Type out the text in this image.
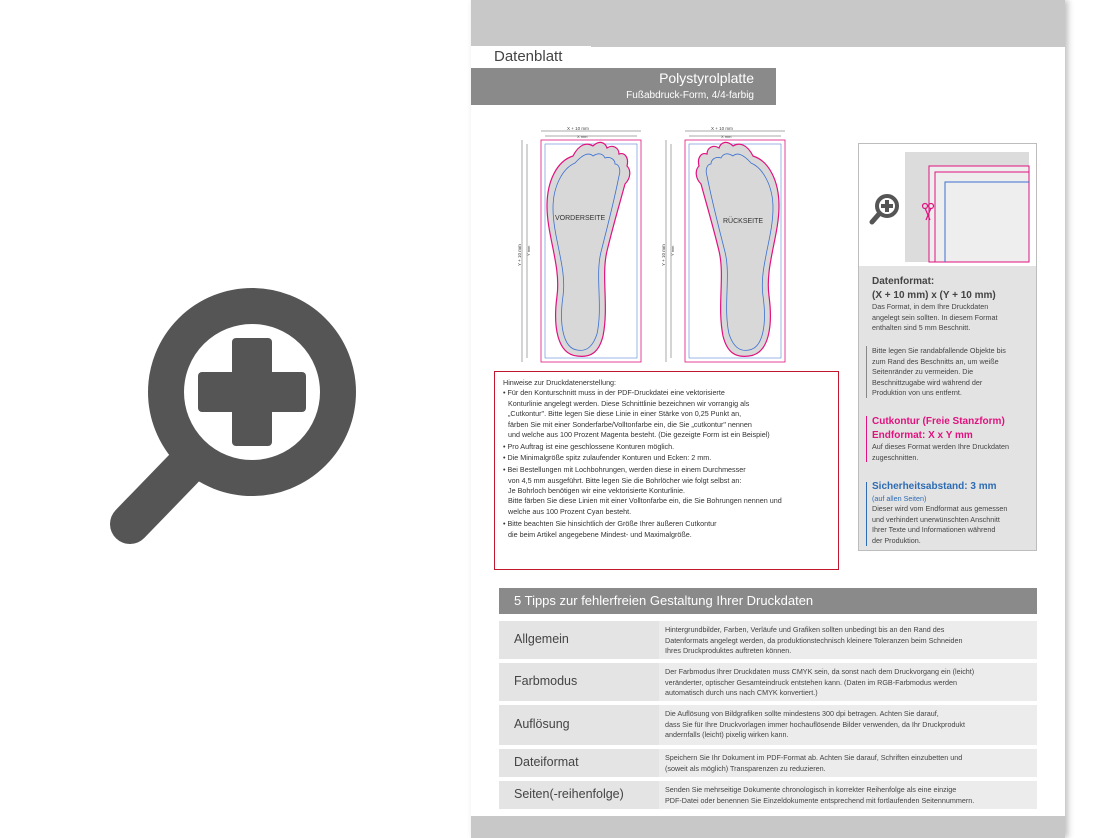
Datenblatt
Polystyrolplatte
Fußabdruck-Form, 4/4-farbig
VORDERSEITE
X + 10 mm
X mm
Y + 10 mm Y mm
RÜCKSEITE
X + 10 mm
X mm
Y + 10 mm Y mm
Hinweise zur Druckdatenerstellung:
• Für den Konturschnitt muss in der PDF-Druckdatei eine vektorisierte
Konturlinie angelegt werden. Diese Schnittlinie bezeichnen wir vorrangig als
„Cutkontur". Bitte legen Sie diese Linie in einer Stärke von 0,25 Punkt an,
färben Sie mit einer Sonderfarbe/Volltonfarbe ein, die Sie „cutkontur" nennen
und welche aus 100 Prozent Magenta besteht. (Die gezeigte Form ist ein Beispiel)
• Pro Auftrag ist eine geschlossene Konturen möglich.
• Die Minimalgröße spitz zulaufender Konturen und Ecken: 2 mm.
• Bei Bestellungen mit Lochbohrungen, werden diese in einem Durchmesser
von 4,5 mm ausgeführt. Bitte legen Sie die Bohrlöcher wie folgt selbst an:
Je Bohrloch benötigen wir eine vektorisierte Konturlinie.
Bitte färben Sie diese Linien mit einer Volltonfarbe ein, die Sie Bohrungen nennen und
welche aus 100 Prozent Cyan besteht.
• Bitte beachten Sie hinsichtlich der Größe Ihrer äußeren Cutkontur
die beim Artikel angegebene Mindest- und Maximalgröße.
Datenformat:
(X + 10 mm) x (Y + 10 mm)
Das Format, in dem Ihre Druckdaten
angelegt sein sollten. In diesem Format
enthalten sind 5 mm Beschnitt.
Bitte legen Sie randabfallende Objekte bis
zum Rand des Beschnitts an, um weiße
Seitenränder zu vermeiden. Die
Beschnittzugabe wird während der
Produktion von uns entfernt.
Cutkontur (Freie Stanzform)
Endformat: X x Y mm
Auf dieses Format werden Ihre Druckdaten
zugeschnitten.
Sicherheitsabstand: 3 mm
(auf allen Seiten)
Dieser wird vom Endformat aus gemessen
und verhindert unerwünschten Anschnitt
Ihrer Texte und Informationen während
der Produktion.
5 Tipps zur fehlerfreien Gestaltung Ihrer Druckdaten
Allgemein
Hintergrundbilder, Farben, Verläufe und Grafiken sollten unbedingt bis an den Rand des
Datenformats angelegt werden, da produktionstechnisch kleinere Toleranzen beim Schneiden
Ihres Druckproduktes auftreten können.
Farbmodus
Der Farbmodus Ihrer Druckdaten muss CMYK sein, da sonst nach dem Druckvorgang ein (leicht)
veränderter, optischer Gesamteindruck entstehen kann. (Daten im RGB-Farbmodus werden
automatisch durch uns nach CMYK konvertiert.)
Auflösung
Die Auflösung von Bildgrafiken sollte mindestens 300 dpi betragen. Achten Sie darauf,
dass Sie für Ihre Druckvorlagen immer hochauflösende Bilder verwenden, da Ihr Druckprodukt
andernfalls (leicht) pixelig wirken kann.
Dateiformat	Speichern Sie Ihr Dokument im PDF-Format ab. Achten Sie darauf, Schriften einzubetten und
(soweit als möglich) Transparenzen zu reduzieren.
Seiten(-reihenfolge)	Senden Sie mehrseitige Dokumente chronologisch in korrekter Reihenfolge als eine einzige
PDF-Datei oder benennen Sie Einzeldokumente entsprechend mit fortlaufenden Seitennummern.
